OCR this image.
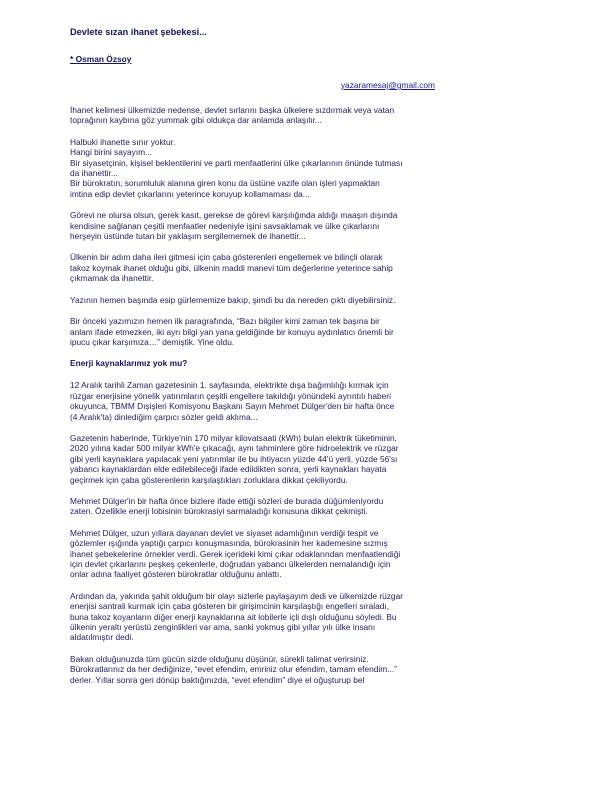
Devlete sızan ihanet şebekesi...
* Osman Özsoy
yazaramesaj@gmail.com
İhanet kelimesi ülkemizde nedense, devlet sırlarını başka ülkelere sızdırmak veya vatan
toprağının kaybına göz yummak gibi oldukça dar anlamda anlaşılır...
Halbuki ihanette sınır yoktur.
Hangi birini sayayım...
Bir siyasetçinin, kişisel beklentilerini ve parti menfaatlerini ülke çıkarlarının önünde tutması
da ihanettir...
Bir bürokratın, sorumluluk alanına giren konu da üstüne vazife olan işleri yapmaktan
imtina edip devlet çıkarlarını yeterince koruyup kollamaması da...
Görevi ne olursa olsun, gerek kasıt, gerekse de görevi karşılığında aldığı maaşın dışında
kendisine sağlanan çeşitli menfaatler nedeniyle işini savsaklamak ve ülke çıkarlarını
herşeyin üstünde tutan bir yaklaşım sergilememek de ihanettir...
Ülkenin bir adım daha ileri gitmesi için çaba gösterenleri engellemek ve bilinçli olarak
takoz koymak ihanet olduğu gibi, ülkenin maddi manevi tüm değerlerine yeterince sahip
çıkmamak da ihanettir.
Yazının hemen başında esip gürlememize bakıp, şimdi bu da nereden çıktı diyebilirsiniz.
Bir önceki yazımızın hemen ilk paragrafında, “Bazı bilgiler kimi zaman tek başına bir
anlam ifade etmezken, iki ayrı bilgi yan yana geldiğinde bir konuyu aydınlatıcı önemli bir
ipucu çıkar karşımıza…” demiştik. Yine oldu.
Enerji kaynaklarımız yok mu?
12 Aralık tarihli Zaman gazetesinin 1. sayfasında, elektrikte dışa bağımlılığı kırmak için
rüzgar enerjisine yönelik yatırımların çeşitli engellere takıldığı yönündeki ayrıntılı haberi
okuyunca, TBMM Dışişleri Komisyonu Başkanı Sayın Mehmet Dülger'den bir hafta önce
(4 Aralık'ta) dinlediğim çarpıcı sözler geldi aklıma...
Gazetenin haberinde, Türkiye'nin 170 milyar kilovatsaati (kWh) bulan elektrik tüketiminin,
2020 yılına kadar 500 milyar kWh'e çıkacağı, aynı tahminlere göre hidroelektrik ve rüzgar
gibi yerli kaynaklara yapılacak yeni yatırımlar ile bu ihtiyacın yüzde 44'ü yerli, yüzde 56'sı
yabancı kaynaklardan elde edilebileceği ifade edildikten sonra, yerli kaynakları hayata
geçirmek için çaba gösterenlerin karşılaştıkları zorluklara dikkat çekiliyordu.
Mehmet Dülger'in bir hafta önce bizlere ifade ettiği sözleri de burada düğümleniyordu
zaten. Özellikle enerji lobisinin bürokrasiyi sarmaladığı konusuna dikkat çekmişti.
Mehmet Dülger, uzun yıllara dayanan devlet ve siyaset adamlığının verdiği tespit ve
gözlemler ışığında yaptığı çarpıcı konuşmasında, bürokrasinin her kademesine sızmış
ihanet şebekelerine örnekler verdi. Gerek içerideki kimi çıkar odaklarından menfaatlendiği
için devlet çıkarlarını peşkeş çekenlerle, doğrudan yabancı ülkelerden nemalandığı için
onlar adına faaliyet gösteren bürokratlar olduğunu anlattı.
Ardından da, yakında şahit olduğum bir olayı sizlerle paylaşayım dedi ve ülkemizde rüzgar
enerjisi santrali kurmak için çaba gösteren bir girişimcinin karşılaştığı engelleri sıraladı,
buna takoz koyanların diğer enerji kaynaklarına ait lobilerle içli dışlı olduğunu söyledi. Bu
ülkenin yeraltı yerüstü zenginlikleri var ama, sanki yokmuş gibi yıllar yılı ülke insanı
aldatılmıştır dedi.
Bakan olduğunuzda tüm gücün sizde olduğunu düşünür, sürekli talimat verirsiniz.
Bürokratlarınız da her dediğinize, “evet efendim, emriniz olur efendim, tamam efendim...”
derler. Yıllar sonra geri dönüp baktığınızda, “evet efendim” diye el oğuşturup bel
